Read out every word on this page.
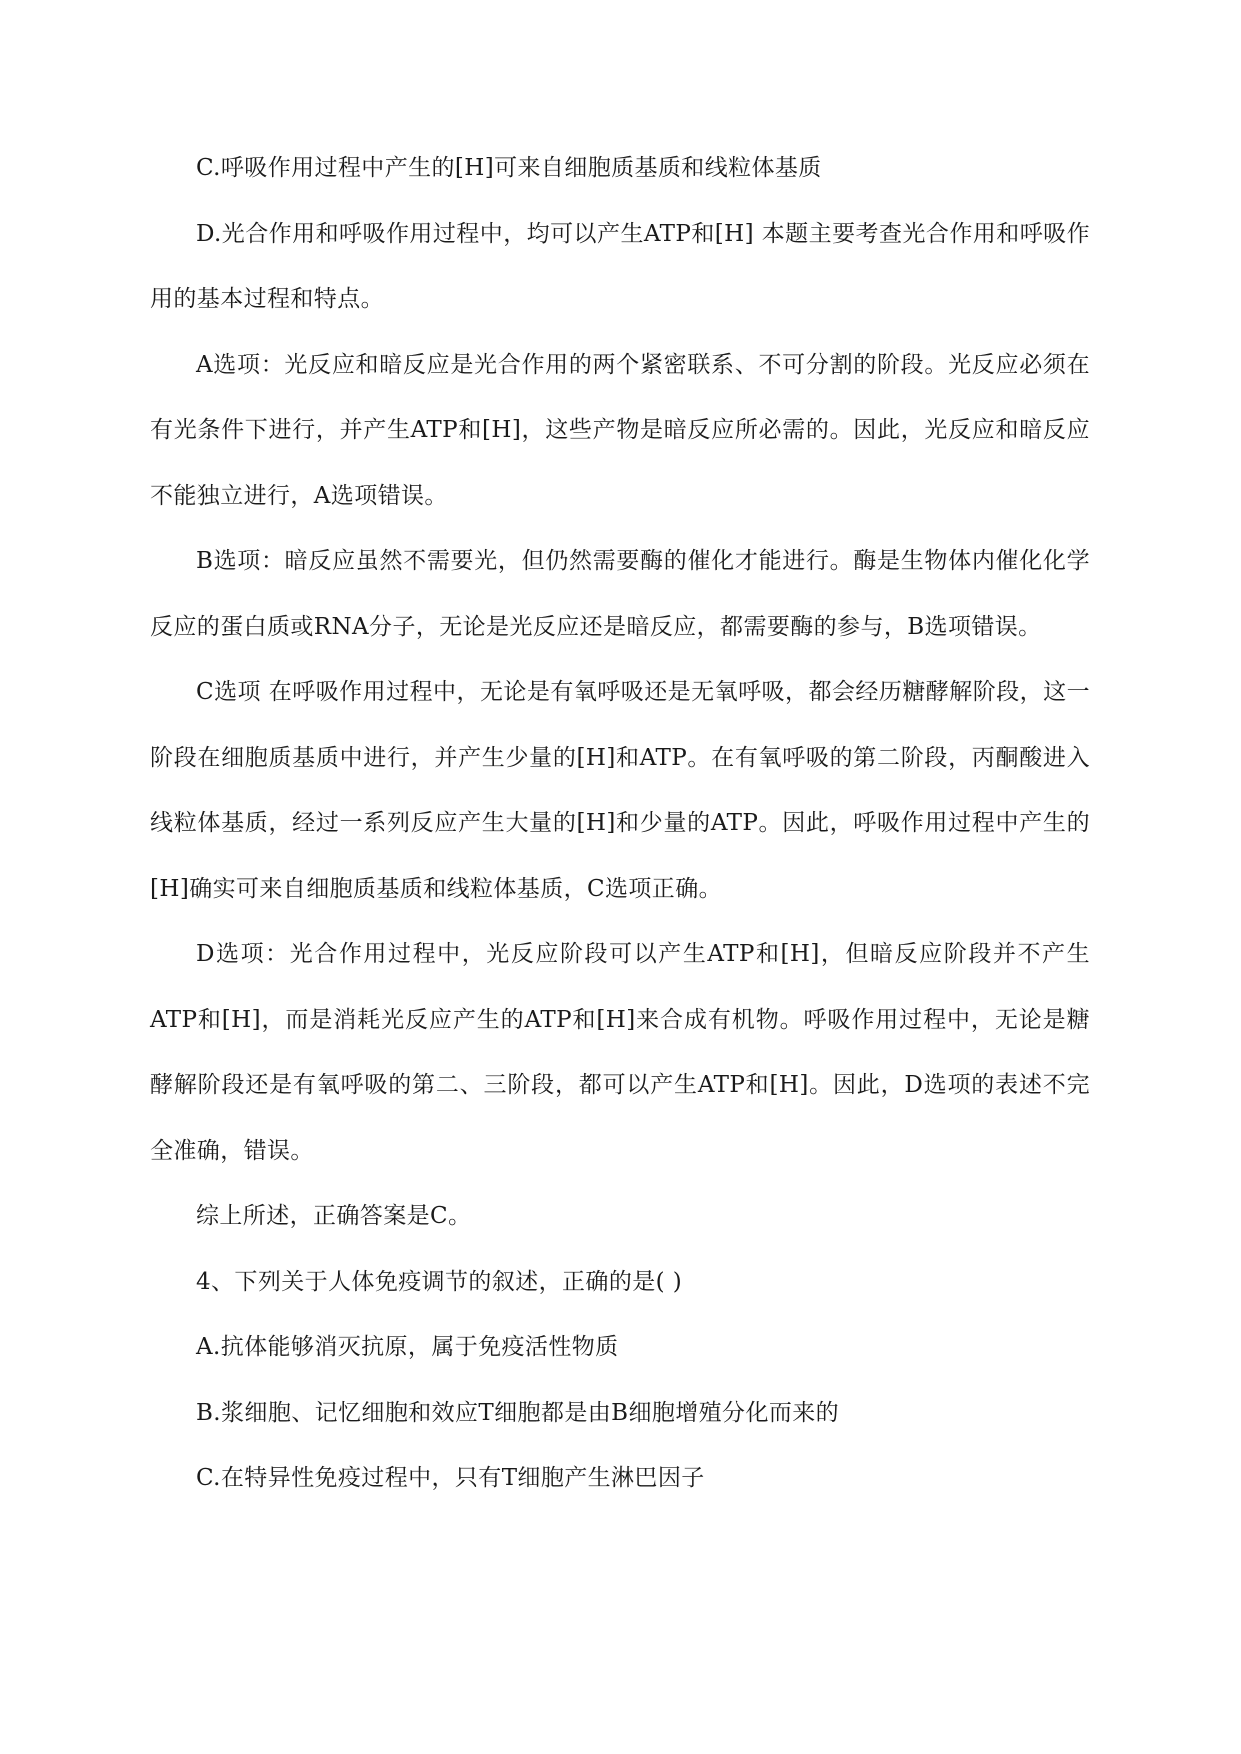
C.呼吸作用过程中产生的[H]可来自细胞质基质和线粒体基质

D.光合作用和呼吸作用过程中，均可以产生ATP和[H] 本题主要考查光合作用和呼吸作用的基本过程和特点。

A选项：光反应和暗反应是光合作用的两个紧密联系、不可分割的阶段。光反应必须在有光条件下进行，并产生ATP和[H]，这些产物是暗反应所必需的。因此，光反应和暗反应不能独立进行，A选项错误。

B选项：暗反应虽然不需要光，但仍然需要酶的催化才能进行。酶是生物体内催化化学反应的蛋白质或RNA分子，无论是光反应还是暗反应，都需要酶的参与，B选项错误。

C选项 在呼吸作用过程中，无论是有氧呼吸还是无氧呼吸，都会经历糖酵解阶段，这一阶段在细胞质基质中进行，并产生少量的[H]和ATP。在有氧呼吸的第二阶段，丙酮酸进入线粒体基质，经过一系列反应产生大量的[H]和少量的ATP。因此，呼吸作用过程中产生的[H]确实可来自细胞质基质和线粒体基质，C选项正确。

D选项：光合作用过程中，光反应阶段可以产生ATP和[H]，但暗反应阶段并不产生ATP和[H]，而是消耗光反应产生的ATP和[H]来合成有机物。呼吸作用过程中，无论是糖酵解阶段还是有氧呼吸的第二、三阶段，都可以产生ATP和[H]。因此，D选项的表述不完全准确，错误。

综上所述，正确答案是C。

4、下列关于人体免疫调节的叙述，正确的是( )

A.抗体能够消灭抗原，属于免疫活性物质

B.浆细胞、记忆细胞和效应T细胞都是由B细胞增殖分化而来的

C.在特异性免疫过程中，只有T细胞产生淋巴因子
